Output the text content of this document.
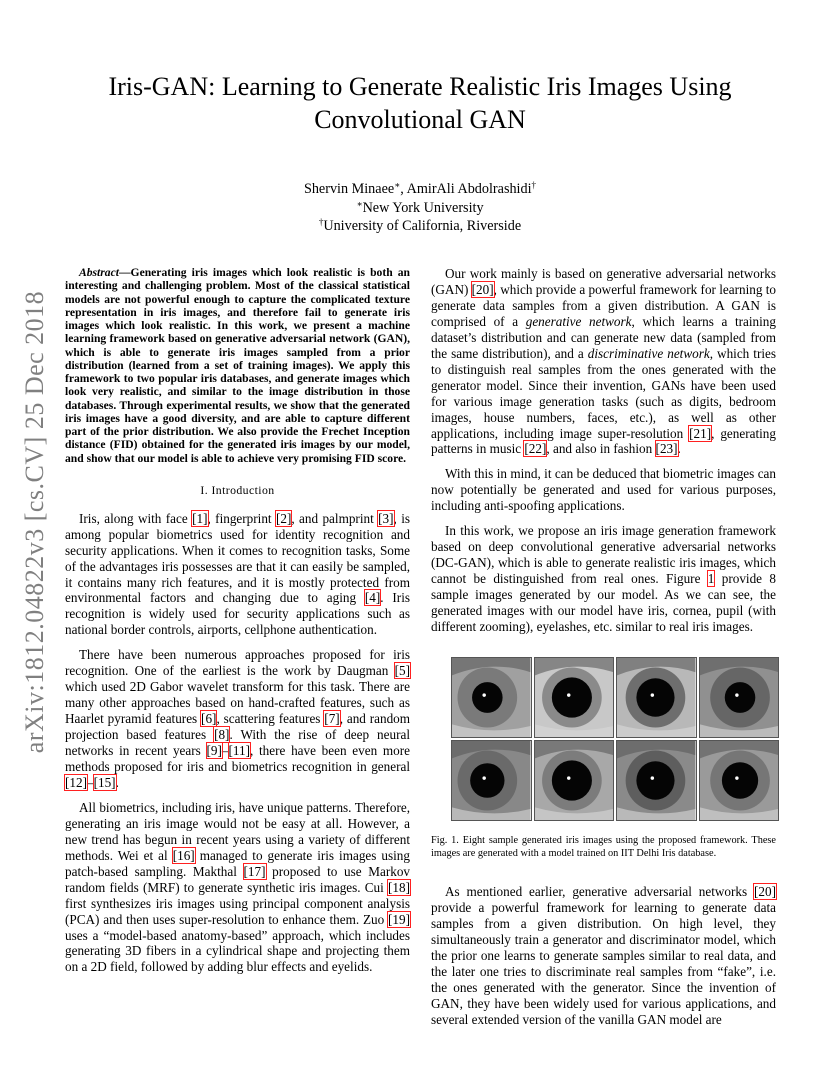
arXiv:1812.04822v3 [cs.CV] 25 Dec 2018
Iris-GAN: Learning to Generate Realistic Iris Images Using Convolutional GAN
Shervin Minaee∗, AmirAli Abdolrashidi†
∗New York University
†University of California, Riverside

Abstract—Generating iris images which look realistic is both an interesting and challenging problem. Most of the classical statistical models are not powerful enough to capture the complicated texture representation in iris images, and therefore fail to generate iris images which look realistic. In this work, we present a machine learning framework based on generative adversarial network (GAN), which is able to generate iris images sampled from a prior distribution (learned from a set of training images). We apply this framework to two popular iris databases, and generate images which look very realistic, and similar to the image distribution in those databases. Through experimental results, we show that the generated iris images have a good diversity, and are able to capture different part of the prior distribution. We also provide the Frechet Inception distance (FID) obtained for the generated iris images by our model, and show that our model is able to achieve very promising FID score.

I. Introduction

Iris, along with face [1], fingerprint [2], and palmprint [3], is among popular biometrics used for identity recognition and security applications. When it comes to recognition tasks, Some of the advantages iris possesses are that it can easily be sampled, it contains many rich features, and it is mostly protected from environmental factors and changing due to aging [4]. Iris recognition is widely used for security applications such as national border controls, airports, cellphone authentication.

There have been numerous approaches proposed for iris recognition. One of the earliest is the work by Daugman [5] which used 2D Gabor wavelet transform for this task. There are many other approaches based on hand-crafted features, such as Haarlet pyramid features [6], scattering features [7], and random projection based features [8]. With the rise of deep neural networks in recent years [9]–[11], there have been even more methods proposed for iris and biometrics recognition in general [12]–[15].

All biometrics, including iris, have unique patterns. Therefore, generating an iris image would not be easy at all. However, a new trend has begun in recent years using a variety of different methods. Wei et al [16] managed to generate iris images using patch-based sampling. Makthal [17] proposed to use Markov random fields (MRF) to generate synthetic iris images. Cui [18] first synthesizes iris images using principal component analysis (PCA) and then uses super-resolution to enhance them. Zuo [19] uses a “model-based anatomy-based” approach, which includes generating 3D fibers in a cylindrical shape and projecting them on a 2D field, followed by adding blur effects and eyelids.

Our work mainly is based on generative adversarial networks (GAN) [20], which provide a powerful framework for learning to generate data samples from a given distribution. A GAN is comprised of a generative network, which learns a training dataset’s distribution and can generate new data (sampled from the same distribution), and a discriminative network, which tries to distinguish real samples from the ones generated with the generator model. Since their invention, GANs have been used for various image generation tasks (such as digits, bedroom images, house numbers, faces, etc.), as well as other applications, including image super-resolution [21], generating patterns in music [22], and also in fashion [23].

With this in mind, it can be deduced that biometric images can now potentially be generated and used for various purposes, including anti-spoofing applications.

In this work, we propose an iris image generation framework based on deep convolutional generative adversarial networks (DC-GAN), which is able to generate realistic iris images, which cannot be distinguished from real ones. Figure 1 provide 8 sample images generated by our model. As we can see, the generated images with our model have iris, cornea, pupil (with different zooming), eyelashes, etc. similar to real iris images.

Fig. 1. Eight sample generated iris images using the proposed framework. These images are generated with a model trained on IIT Delhi Iris database.

As mentioned earlier, generative adversarial networks [20] provide a powerful framework for learning to generate data samples from a given distribution. On high level, they simultaneously train a generator and discriminator model, which the prior one learns to generate samples similar to real data, and the later one tries to discriminate real samples from “fake”, i.e. the ones generated with the generator. Since the invention of GAN, they have been widely used for various applications, and several extended version of the vanilla GAN model are
